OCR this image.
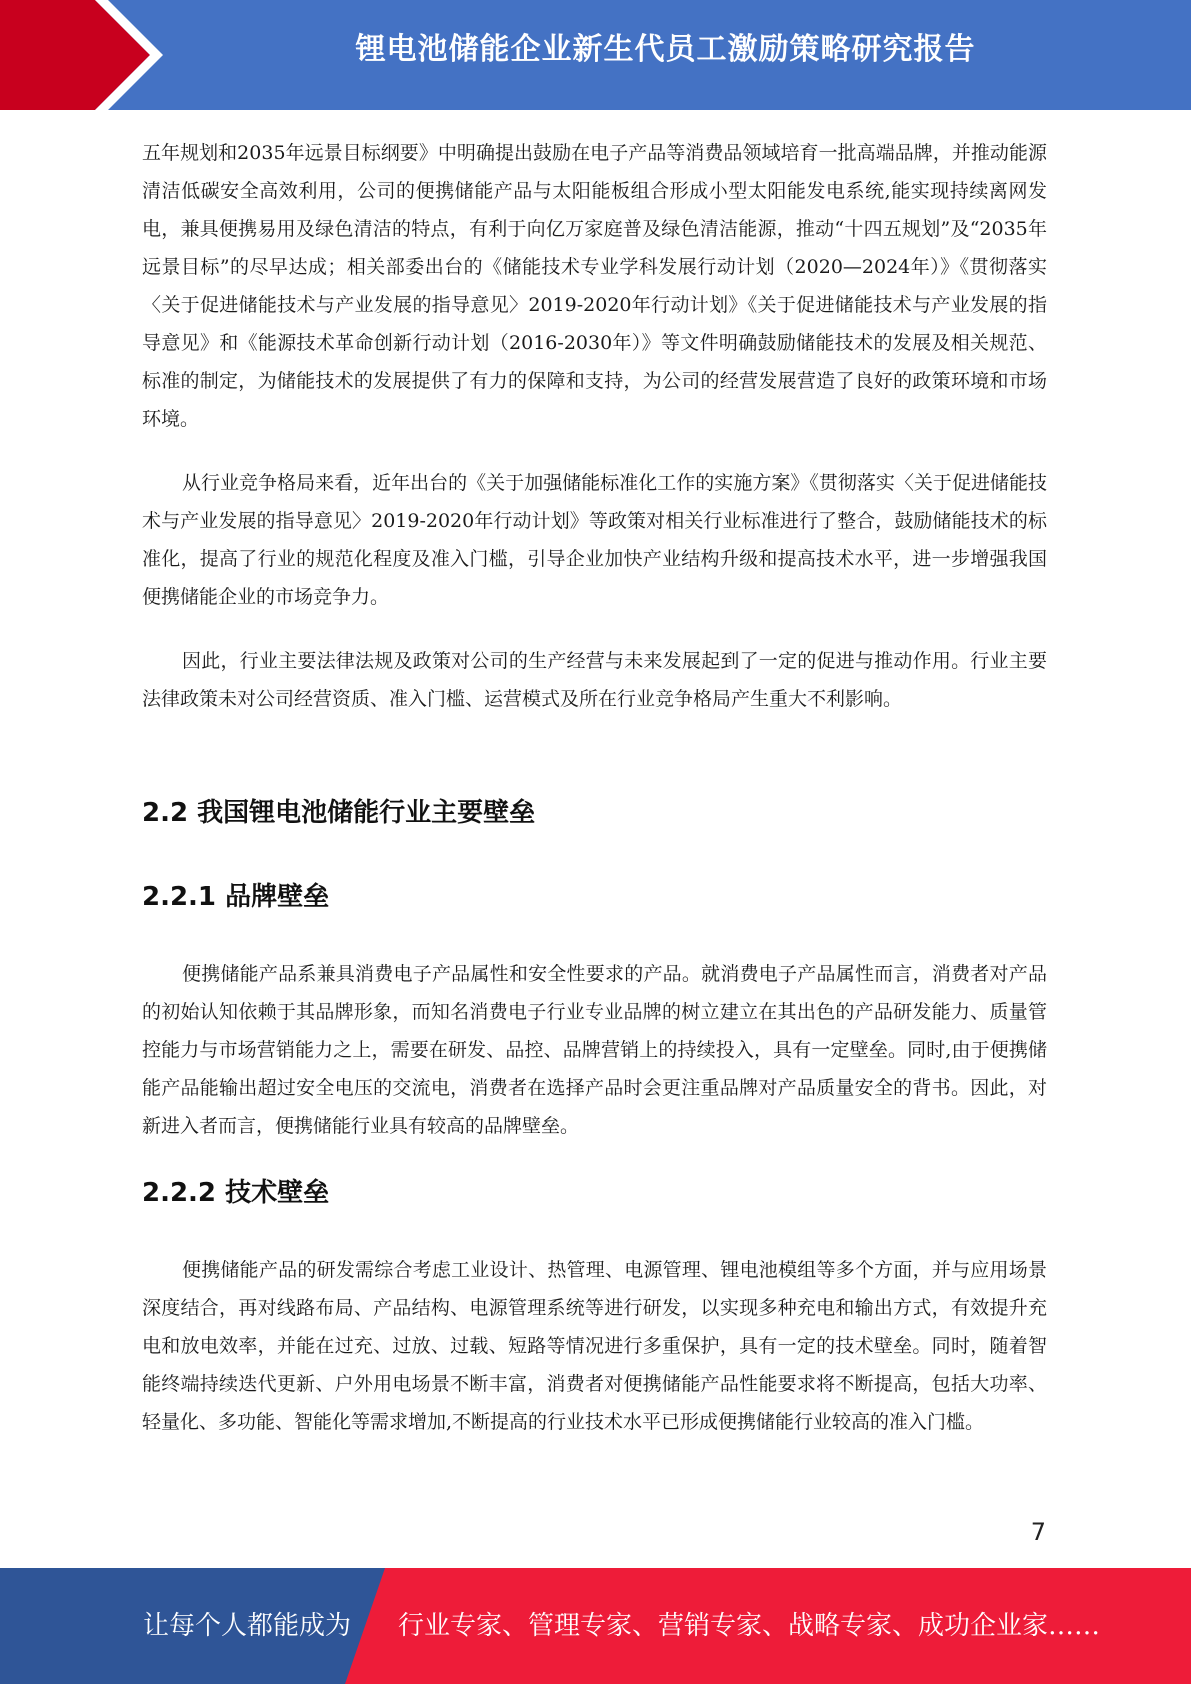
锂电池储能企业新生代员工激励策略研究报告

五年规划和2035年远景目标纲要》中明确提出鼓励在电子产品等消费品领域培育一批高端品牌，并推动能源清洁低碳安全高效利用，公司的便携储能产品与太阳能板组合形成小型太阳能发电系统,能实现持续离网发电，兼具便携易用及绿色清洁的特点，有利于向亿万家庭普及绿色清洁能源，推动“十四五规划”及“2035年远景目标”的尽早达成；相关部委出台的《储能技术专业学科发展行动计划（2020—2024年）》《贯彻落实〈关于促进储能技术与产业发展的指导意见〉2019-2020年行动计划》《关于促进储能技术与产业发展的指导意见》和《能源技术革命创新行动计划（2016-2030年）》等文件明确鼓励储能技术的发展及相关规范、标准的制定，为储能技术的发展提供了有力的保障和支持，为公司的经营发展营造了良好的政策环境和市场环境。

从行业竞争格局来看，近年出台的《关于加强储能标准化工作的实施方案》《贯彻落实〈关于促进储能技术与产业发展的指导意见〉2019-2020年行动计划》等政策对相关行业标准进行了整合，鼓励储能技术的标准化，提高了行业的规范化程度及准入门槛，引导企业加快产业结构升级和提高技术水平，进一步增强我国便携储能企业的市场竞争力。

因此，行业主要法律法规及政策对公司的生产经营与未来发展起到了一定的促进与推动作用。行业主要法律政策未对公司经营资质、准入门槛、运营模式及所在行业竞争格局产生重大不利影响。

2.2 我国锂电池储能行业主要壁垒
2.2.1 品牌壁垒

便携储能产品系兼具消费电子产品属性和安全性要求的产品。就消费电子产品属性而言，消费者对产品的初始认知依赖于其品牌形象，而知名消费电子行业专业品牌的树立建立在其出色的产品研发能力、质量管控能力与市场营销能力之上，需要在研发、品控、品牌营销上的持续投入，具有一定壁垒。同时,由于便携储能产品能输出超过安全电压的交流电，消费者在选择产品时会更注重品牌对产品质量安全的背书。因此，对新进入者而言，便携储能行业具有较高的品牌壁垒。

2.2.2 技术壁垒

便携储能产品的研发需综合考虑工业设计、热管理、电源管理、锂电池模组等多个方面，并与应用场景深度结合，再对线路布局、产品结构、电源管理系统等进行研发，以实现多种充电和输出方式，有效提升充电和放电效率，并能在过充、过放、过载、短路等情况进行多重保护，具有一定的技术壁垒。同时，随着智能终端持续迭代更新、户外用电场景不断丰富，消费者对便携储能产品性能要求将不断提高，包括大功率、轻量化、多功能、智能化等需求增加,不断提高的行业技术水平已形成便携储能行业较高的准入门槛。

7
让每个人都能成为 行业专家、管理专家、营销专家、战略专家、成功企业家……
